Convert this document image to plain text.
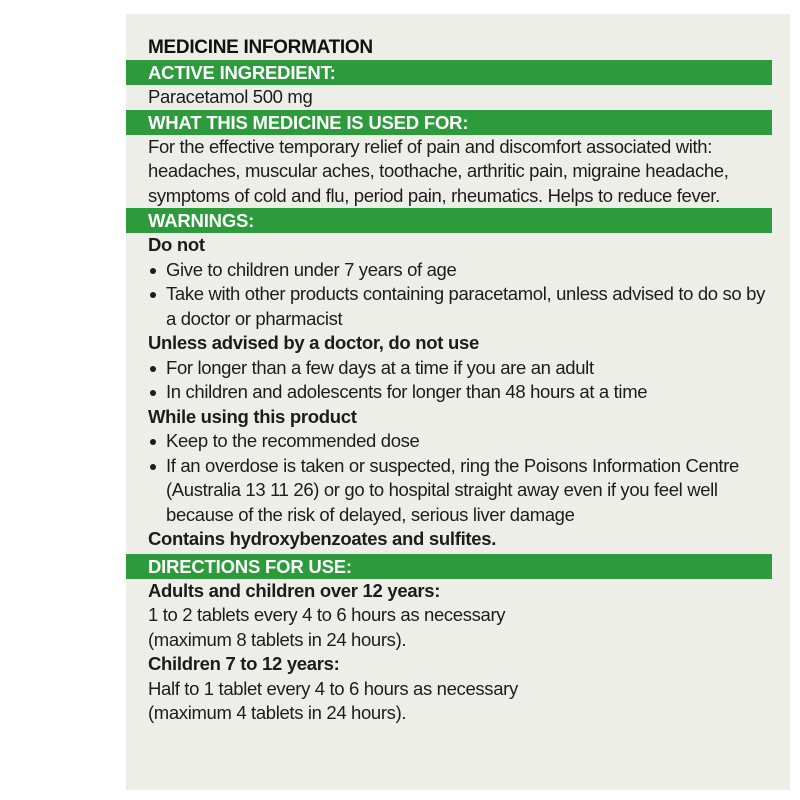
MEDICINE INFORMATION
ACTIVE INGREDIENT:
Paracetamol 500 mg
WHAT THIS MEDICINE IS USED FOR:
For the effective temporary relief of pain and discomfort associated with: headaches, muscular aches, toothache, arthritic pain, migraine headache, symptoms of cold and flu, period pain, rheumatics. Helps to reduce fever.
WARNINGS:
Do not
Give to children under 7 years of age
Take with other products containing paracetamol, unless advised to do so by a doctor or pharmacist
Unless advised by a doctor, do not use
For longer than a few days at a time if you are an adult
In children and adolescents for longer than 48 hours at a time
While using this product
Keep to the recommended dose
If an overdose is taken or suspected, ring the Poisons Information Centre (Australia 13 11 26) or go to hospital straight away even if you feel well because of the risk of delayed, serious liver damage
Contains hydroxybenzoates and sulfites.
DIRECTIONS FOR USE:
Adults and children over 12 years:
1 to 2 tablets every 4 to 6 hours as necessary
(maximum 8 tablets in 24 hours).
Children 7 to 12 years:
Half to 1 tablet every 4 to 6 hours as necessary
(maximum 4 tablets in 24 hours).
